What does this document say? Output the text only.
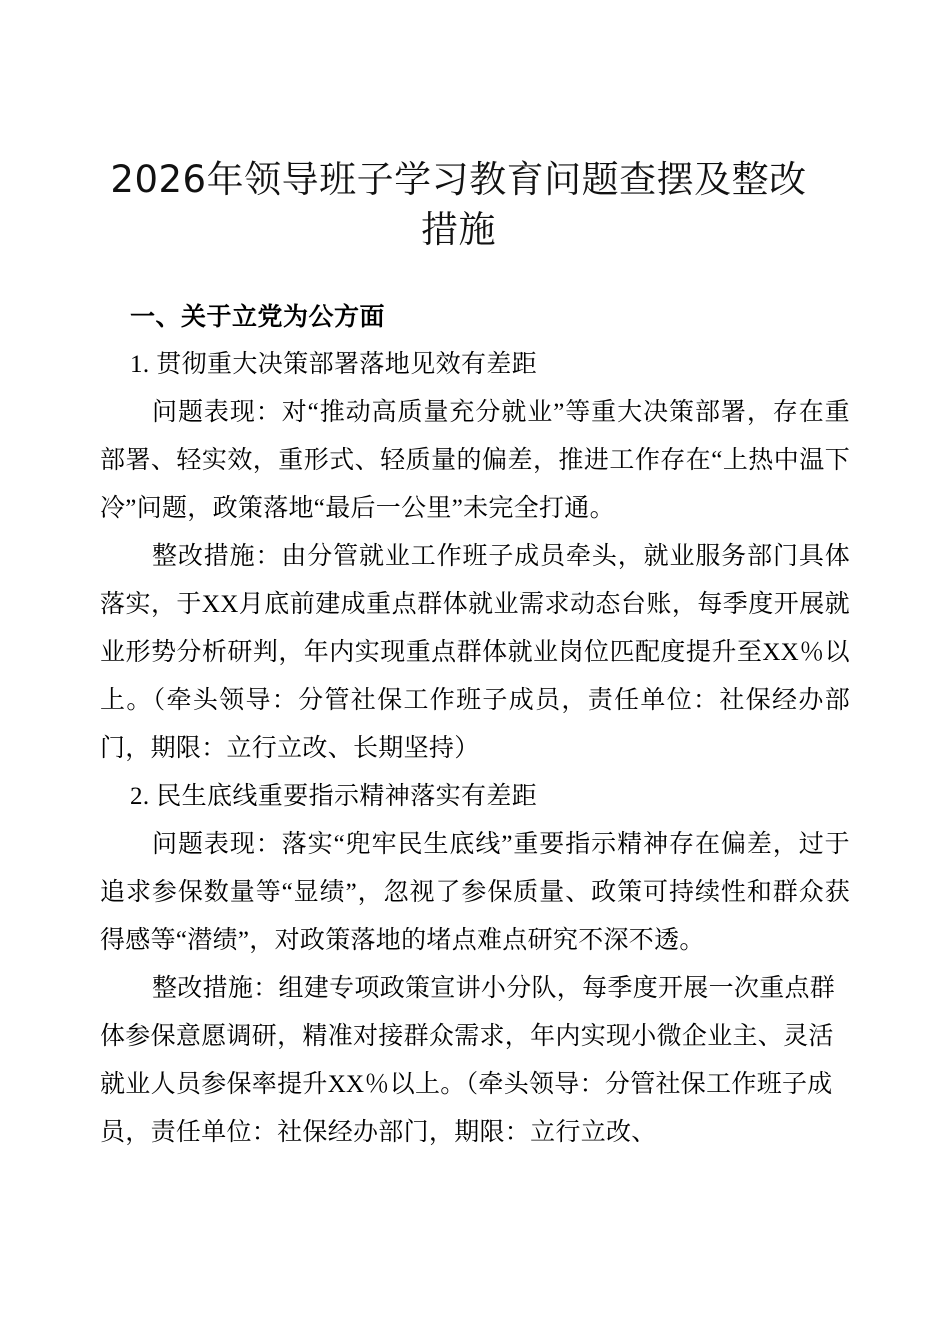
2026年领导班子学习教育问题查摆及整改措施
一、关于立党为公方面
1. 贯彻重大决策部署落地见效有差距

问题表现：对“推动高质量充分就业”等重大决策部署，存在重部署、轻实效，重形式、轻质量的偏差，推进工作存在“上热中温下冷”问题，政策落地“最后一公里”未完全打通。

整改措施：由分管就业工作班子成员牵头，就业服务部门具体落实，于XX月底前建成重点群体就业需求动态台账，每季度开展就业形势分析研判，年内实现重点群体就业岗位匹配度提升至XX％以上。（牵头领导：分管社保工作班子成员，责任单位：社保经办部门，期限：立行立改、长期坚持）

2. 民生底线重要指示精神落实有差距

问题表现：落实“兜牢民生底线”重要指示精神存在偏差，过于追求参保数量等“显绩”，忽视了参保质量、政策可持续性和群众获得感等“潜绩”，对政策落地的堵点难点研究不深不透。

整改措施：组建专项政策宣讲小分队，每季度开展一次重点群体参保意愿调研，精准对接群众需求，年内实现小微企业主、灵活就业人员参保率提升XX％以上。（牵头领导：分管社保工作班子成员，责任单位：社保经办部门，期限：立行立改、
